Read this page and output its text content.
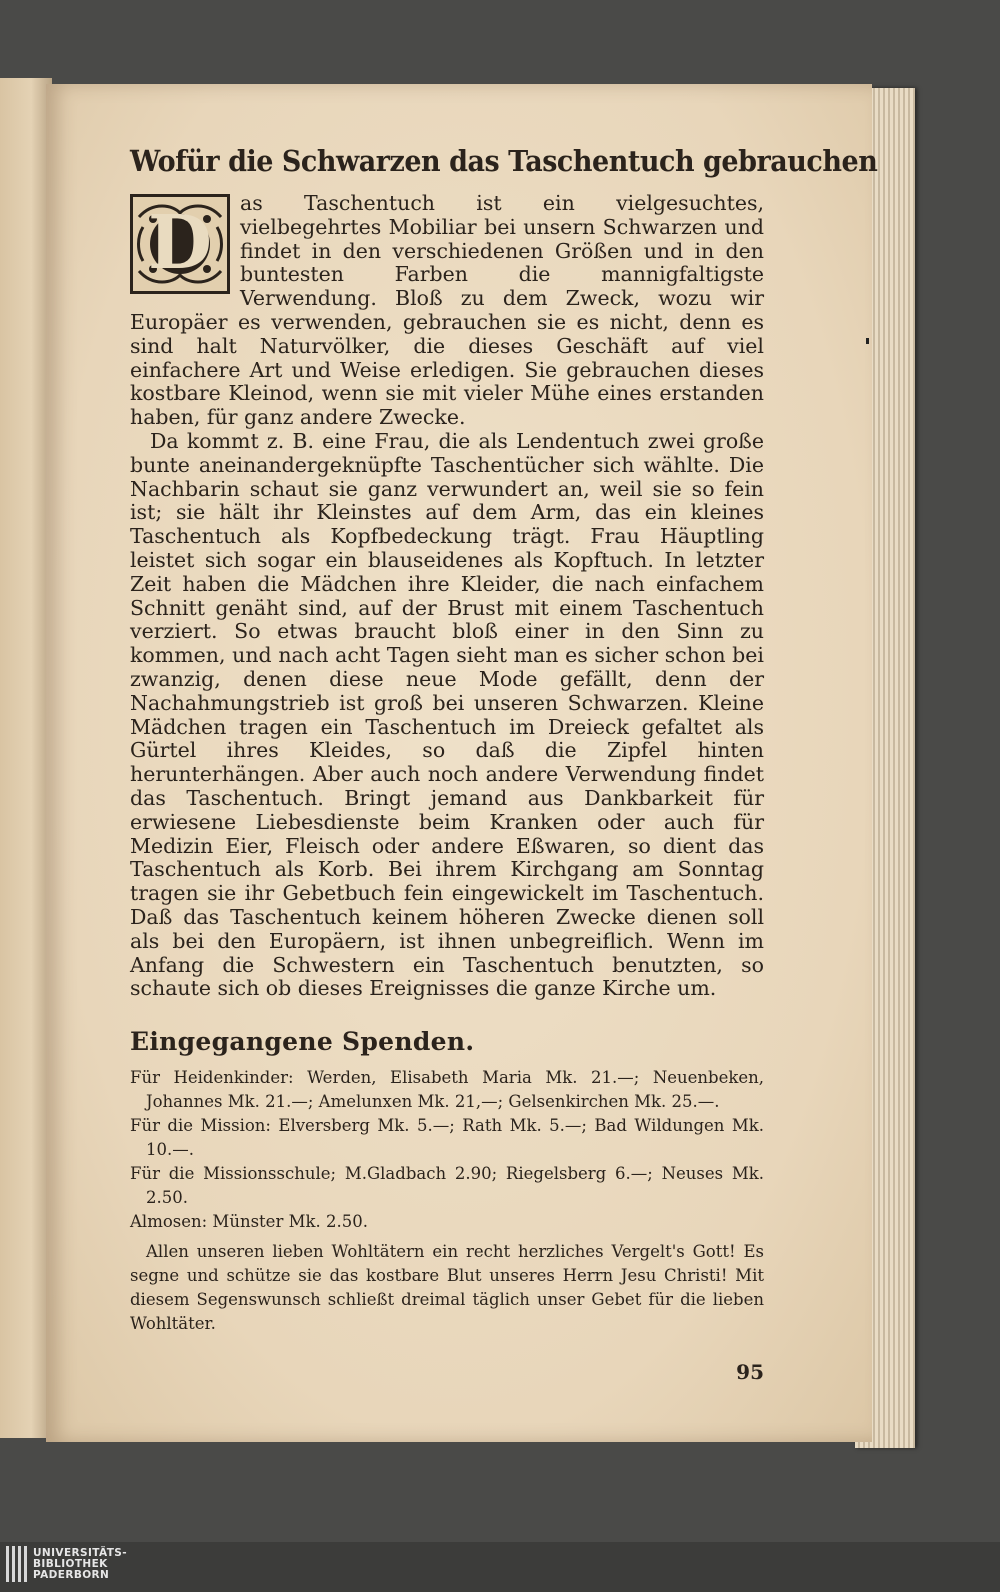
Wofür die Schwarzen das Taschentuch gebrauchen
D	as Taschentuch ist ein vielgesuchtes, vielbegehrtes Mobiliar bei unsern Schwarzen und findet in den verschiedenen Größen und in den buntesten Farben die mannigfaltigste Verwendung. Bloß zu dem Zweck, wozu wir Europäer es verwenden, gebrauchen sie es nicht, denn es sind halt Naturvölker, die dieses Geschäft auf viel einfachere Art und Weise erledigen. Sie gebrauchen dieses kostbare Kleinod, wenn sie mit vieler Mühe eines erstanden haben, für ganz andere Zwecke.

Da kommt z. B. eine Frau, die als Lendentuch zwei große bunte aneinandergeknüpfte Taschentücher sich wählte. Die Nachbarin schaut sie ganz verwundert an, weil sie so fein ist; sie hält ihr Kleinstes auf dem Arm, das ein kleines Taschentuch als Kopfbedeckung trägt. Frau Häuptling leistet sich sogar ein blauseidenes als Kopftuch. In letzter Zeit haben die Mädchen ihre Kleider, die nach einfachem Schnitt genäht sind, auf der Brust mit einem Taschentuch verziert. So etwas braucht bloß einer in den Sinn zu kommen, und nach acht Tagen sieht man es sicher schon bei zwanzig, denen diese neue Mode gefällt, denn der Nachahmungstrieb ist groß bei unseren Schwarzen. Kleine Mädchen tragen ein Taschentuch im Dreieck gefaltet als Gürtel ihres Kleides, so daß die Zipfel hinten herunterhängen. Aber auch noch andere Verwendung findet das Taschentuch. Bringt jemand aus Dankbarkeit für erwiesene Liebesdienste beim Kranken oder auch für Medizin Eier, Fleisch oder andere Eßwaren, so dient das Taschentuch als Korb. Bei ihrem Kirchgang am Sonntag tragen sie ihr Gebetbuch fein eingewickelt im Taschentuch. Daß das Taschentuch keinem höheren Zwecke dienen soll als bei den Europäern, ist ihnen unbegreiflich. Wenn im Anfang die Schwestern ein Taschentuch benutzten, so schaute sich ob dieses Ereignisses die ganze Kirche um.

Eingegangene Spenden.

Für Heidenkinder: Werden, Elisabeth Maria Mk. 21.—; Neuenbeken, Johannes Mk. 21.—; Amelunxen Mk. 21,—; Gelsenkirchen Mk. 25.—.

Für die Mission: Elversberg Mk. 5.—; Rath Mk. 5.—; Bad Wildungen Mk. 10.—.

Für die Missionsschule; M.Gladbach 2.90; Riegelsberg 6.—; Neuses Mk. 2.50.

Almosen: Münster Mk. 2.50.

Allen unseren lieben Wohltätern ein recht herzliches Vergelt's Gott! Es segne und schütze sie das kostbare Blut unseres Herrn Jesu Christi! Mit diesem Segenswunsch schließt dreimal täglich unser Gebet für die lieben Wohltäter.

95
UNIVERSITÄTS-
BIBLIOTHEK
PADERBORN
